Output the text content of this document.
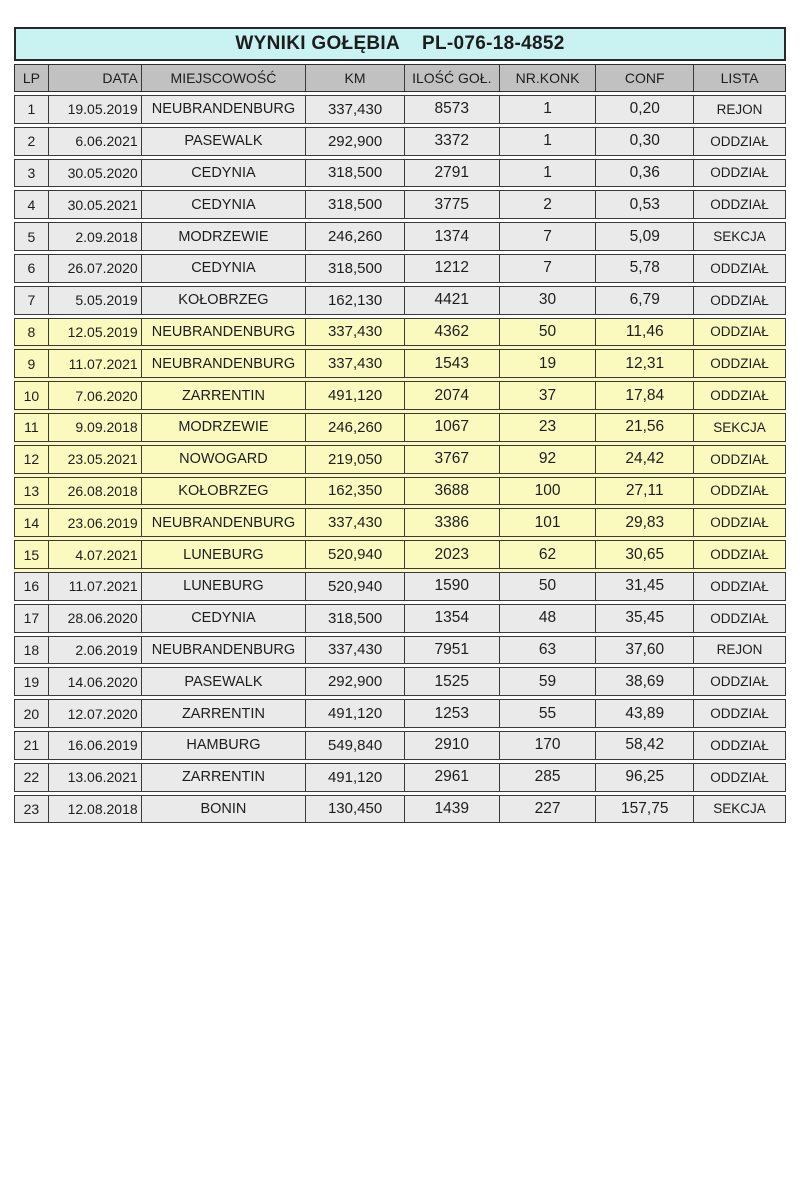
WYNIKI GOŁĘBIA PL-076-18-4852
LP	DATA	MIEJSCOWOŚĆ	KM	ILOŚĆ GOŁ.	NR.KONK	CONF	LISTA
1	19.05.2019 NEUBRANDENBURG	337,430	8573	1	0,20	REJON
2	6.06.2021	PASEWALK	292,900	3372	1	0,30	ODDZIAŁ
3	30.05.2020	CEDYNIA	318,500	2791	1	0,36	ODDZIAŁ
4	30.05.2021	CEDYNIA	318,500	3775	2	0,53	ODDZIAŁ
5	2.09.2018	MODRZEWIE	246,260	1374	7	5,09	SEKCJA
6	26.07.2020	CEDYNIA	318,500	1212	7	5,78	ODDZIAŁ
7	5.05.2019	KOŁOBRZEG	162,130	4421	30	6,79	ODDZIAŁ
8	12.05.2019 NEUBRANDENBURG	337,430	4362	50	11,46	ODDZIAŁ
9	11.07.2021 NEUBRANDENBURG	337,430	1543	19	12,31	ODDZIAŁ
10	7.06.2020	ZARRENTIN	491,120	2074	37	17,84	ODDZIAŁ
11	9.09.2018	MODRZEWIE	246,260	1067	23	21,56	SEKCJA
12	23.05.2021	NOWOGARD	219,050	3767	92	24,42	ODDZIAŁ
13	26.08.2018	KOŁOBRZEG	162,350	3688	100	27,11	ODDZIAŁ
14	23.06.2019 NEUBRANDENBURG	337,430	3386	101	29,83	ODDZIAŁ
15	4.07.2021	LUNEBURG	520,940	2023	62	30,65	ODDZIAŁ
16	11.07.2021	LUNEBURG	520,940	1590	50	31,45	ODDZIAŁ
17	28.06.2020	CEDYNIA	318,500	1354	48	35,45	ODDZIAŁ
18	2.06.2019 NEUBRANDENBURG	337,430	7951	63	37,60	REJON
19	14.06.2020	PASEWALK	292,900	1525	59	38,69	ODDZIAŁ
20	12.07.2020	ZARRENTIN	491,120	1253	55	43,89	ODDZIAŁ
21	16.06.2019	HAMBURG	549,840	2910	170	58,42	ODDZIAŁ
22	13.06.2021	ZARRENTIN	491,120	2961	285	96,25	ODDZIAŁ
23	12.08.2018	BONIN	130,450	1439	227	157,75	SEKCJA
